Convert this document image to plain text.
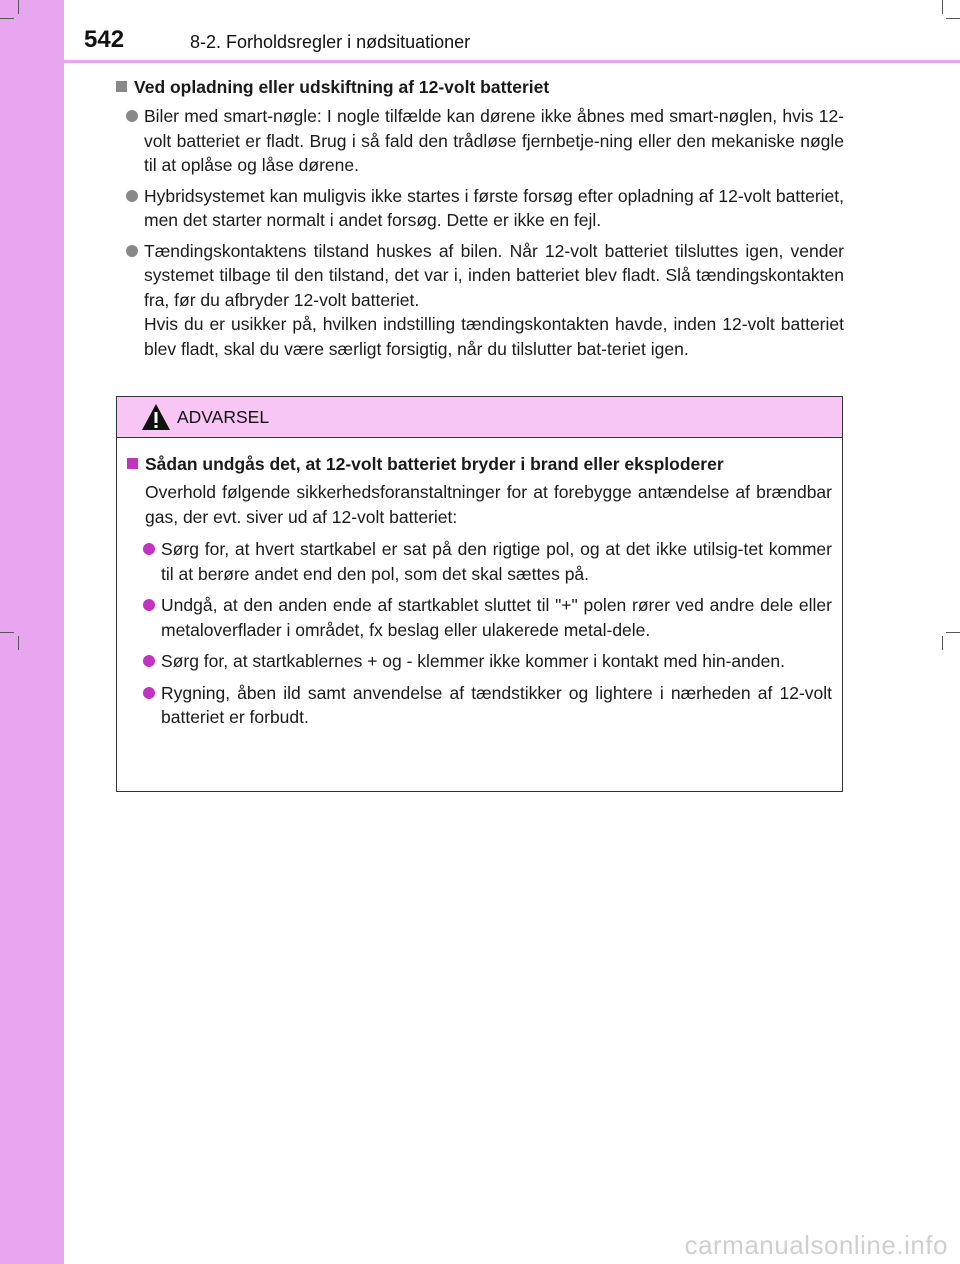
542	8-2. Forholdsregler i nødsituationer
Ved opladning eller udskiftning af 12-volt batteriet
Biler med smart-nøgle: I nogle tilfælde kan dørene ikke åbnes med smart-nøglen, hvis 12-volt batteriet er fladt. Brug i så fald den trådløse fjernbetje-ning eller den mekaniske nøgle til at oplåse og låse dørene.
Hybridsystemet kan muligvis ikke startes i første forsøg efter opladning af 12-volt batteriet, men det starter normalt i andet forsøg. Dette er ikke en fejl.
Tændingskontaktens tilstand huskes af bilen. Når 12-volt batteriet tilsluttes igen, vender systemet tilbage til den tilstand, det var i, inden batteriet blev fladt. Slå tændingskontakten fra, før du afbryder 12-volt batteriet.
Hvis du er usikker på, hvilken indstilling tændingskontakten havde, inden 12-volt batteriet blev fladt, skal du være særligt forsigtig, når du tilslutter bat-teriet igen.
ADVARSEL
Sådan undgås det, at 12-volt batteriet bryder i brand eller eksploderer
Overhold følgende sikkerhedsforanstaltninger for at forebygge antændelse af brændbar gas, der evt. siver ud af 12-volt batteriet:
Sørg for, at hvert startkabel er sat på den rigtige pol, og at det ikke utilsig-tet kommer til at berøre andet end den pol, som det skal sættes på.
Undgå, at den anden ende af startkablet sluttet til "+" polen rører ved andre dele eller metaloverflader i området, fx beslag eller ulakerede metal-dele.
Sørg for, at startkablernes + og - klemmer ikke kommer i kontakt med hin-anden.
Rygning, åben ild samt anvendelse af tændstikker og lightere i nærheden af 12-volt batteriet er forbudt.
carmanualsonline.info
